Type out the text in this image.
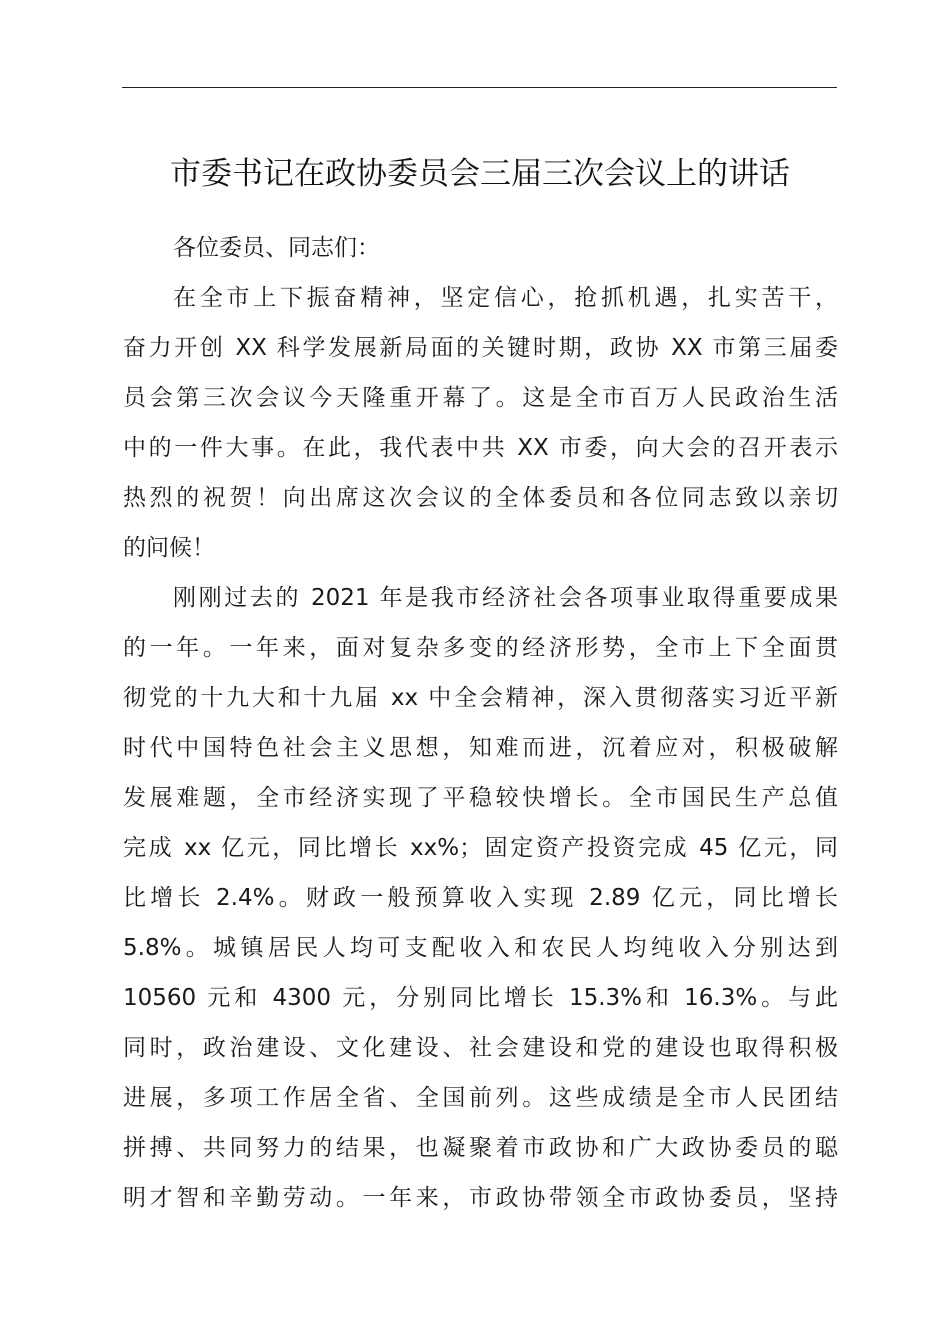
市委书记在政协委员会三届三次会议上的讲话
各位委员、同志们：
在全市上下振奋精神，坚定信心，抢抓机遇，扎实苦干，
奋力开创 XX 科学发展新局面的关键时期，政协 XX 市第三届委
员会第三次会议今天隆重开幕了。这是全市百万人民政治生活
中的一件大事。在此，我代表中共 XX 市委，向大会的召开表示
热烈的祝贺！向出席这次会议的全体委员和各位同志致以亲切
的问候！
刚刚过去的 2021 年是我市经济社会各项事业取得重要成果
的一年。一年来，面对复杂多变的经济形势，全市上下全面贯
彻党的十九大和十九届 xx 中全会精神，深入贯彻落实习近平新
时代中国特色社会主义思想，知难而进，沉着应对，积极破解
发展难题，全市经济实现了平稳较快增长。全市国民生产总值
完成 xx 亿元，同比增长 xx%；固定资产投资完成 45 亿元，同
比增长 2.4%。财政一般预算收入实现 2.89 亿元，同比增长
5.8%。城镇居民人均可支配收入和农民人均纯收入分别达到
10560 元和 4300 元，分别同比增长 15.3%和 16.3%。与此
同时，政治建设、文化建设、社会建设和党的建设也取得积极
进展，多项工作居全省、全国前列。这些成绩是全市人民团结
拼搏、共同努力的结果，也凝聚着市政协和广大政协委员的聪
明才智和辛勤劳动。一年来，市政协带领全市政协委员，坚持
